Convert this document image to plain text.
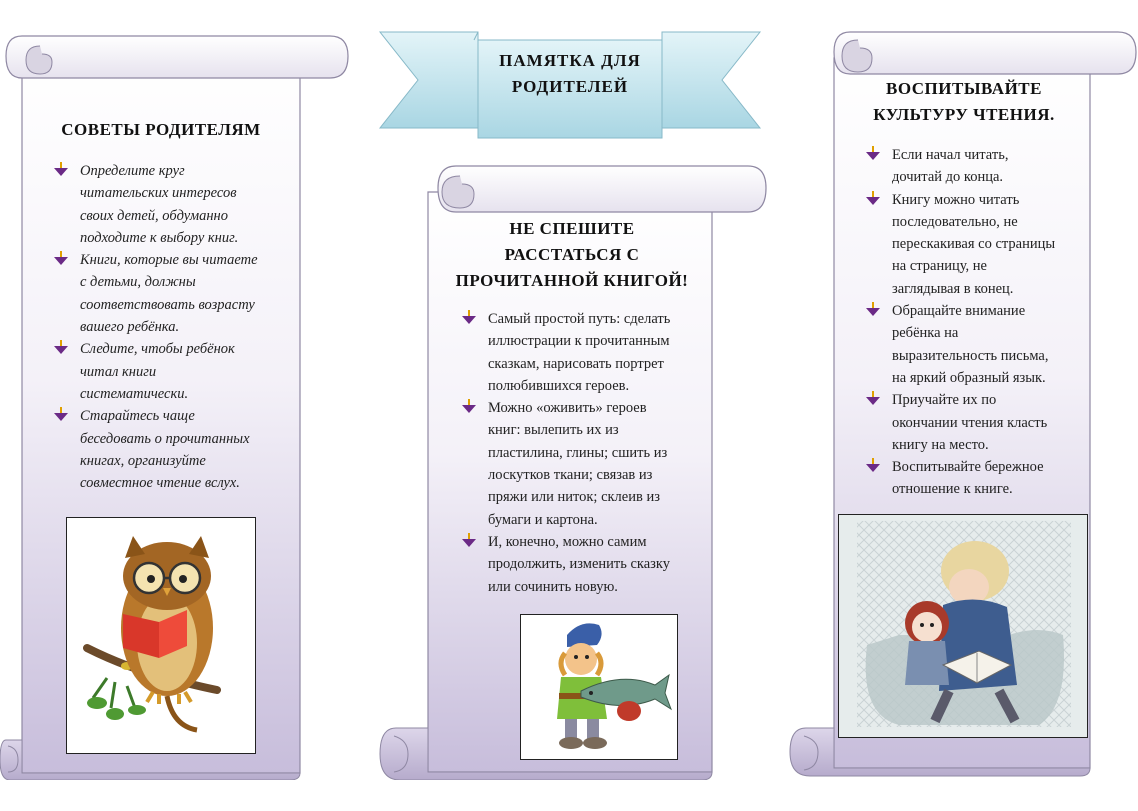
СОВЕТЫ РОДИТЕЛЯМ
Определите круг
читательских интересов
своих детей, обдуманно
подходите к выбору книг.
Книги, которые вы читаете
с детьми, должны
соответствовать возрасту
вашего ребёнка.
Следите, чтобы ребёнок
читал книги
систематически.
Старайтесь чаще
беседовать о прочитанных
книгах, организуйте
совместное чтение вслух.
ПАМЯТКА ДЛЯ
РОДИТЕЛЕЙ
НЕ СПЕШИТЕ
РАССТАТЬСЯ С
ПРОЧИТАННОЙ КНИГОЙ!
Самый простой путь: сделать
иллюстрации к прочитанным
сказкам, нарисовать портрет
полюбившихся героев.
Можно «оживить» героев
книг: вылепить их из
пластилина, глины; сшить из
лоскутков ткани; связав из
пряжи или ниток; склеив из
бумаги и картона.
И, конечно, можно самим
продолжить, изменить сказку
или сочинить новую.
ВОСПИТЫВАЙТЕ
КУЛЬТУРУ ЧТЕНИЯ.
Если начал читать,
дочитай до конца.
Книгу можно читать
последовательно, не
перескакивая со страницы
на страницу, не
заглядывая в конец.
Обращайте внимание
ребёнка на
выразительность письма,
на яркий образный язык.
Приучайте их по
окончании чтения класть
книгу на место.
Воспитывайте бережное
отношение к книге.
